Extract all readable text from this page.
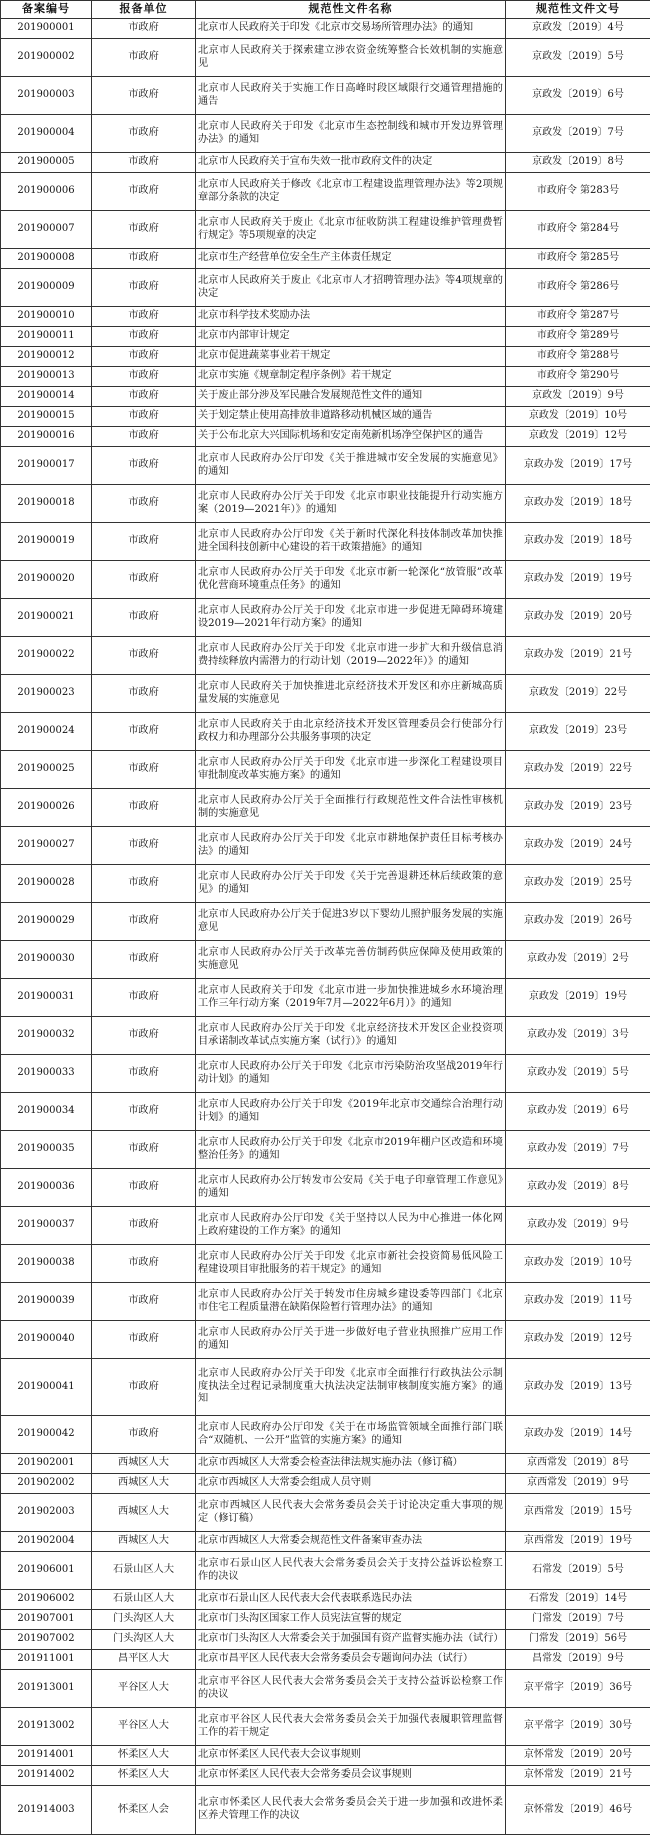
备案编号	报备单位	规范性文件名称	规范性文件文号
201900001	市政府	北京市人民政府关于印发《北京市交易场所管理办法》的通知	京政发〔2019〕4号
201900002	市政府	北京市人民政府关于探索建立涉农资金统筹整合长效机制的实施意见	京政发〔2019〕5号
201900003	市政府	北京市人民政府关于实施工作日高峰时段区域限行交通管理措施的通告	京政发〔2019〕6号
201900004	市政府	北京市人民政府关于印发《北京市生态控制线和城市开发边界管理办法》的通知	京政发〔2019〕7号
201900005	市政府	北京市人民政府关于宣布失效一批市政府文件的决定	京政发〔2019〕8号
201900006	市政府	北京市人民政府关于修改《北京市工程建设监理管理办法》等2项规章部分条款的决定	市政府令 第283号
201900007	市政府	北京市人民政府关于废止《北京市征收防洪工程建设维护管理费暂行规定》等5项规章的决定	市政府令 第284号
201900008	市政府	北京市生产经营单位安全生产主体责任规定	市政府令 第285号
201900009	市政府	北京市人民政府关于废止《北京市人才招聘管理办法》等4项规章的决定	市政府令 第286号
201900010	市政府	北京市科学技术奖励办法	市政府令 第287号
201900011	市政府	北京市内部审计规定	市政府令 第289号
201900012	市政府	北京市促进蔬菜事业若干规定	市政府令 第288号
201900013	市政府	北京市实施《规章制定程序条例》若干规定	市政府令 第290号
201900014	市政府	关于废止部分涉及军民融合发展规范性文件的通知	京政发〔2019〕9号
201900015	市政府	关于划定禁止使用高排放非道路移动机械区域的通告	京政发〔2019〕10号
201900016	市政府	关于公布北京大兴国际机场和安定南苑新机场净空保护区的通告	京政发〔2019〕12号
201900017	市政府	北京市人民政府办公厅印发《关于推进城市安全发展的实施意见》的通知	京政办发〔2019〕17号
201900018	市政府	北京市人民政府办公厅关于印发《北京市职业技能提升行动实施方案（2019—2021年）》的通知	京政办发〔2019〕18号
201900019	市政府	北京市人民政府办公厅印发《关于新时代深化科技体制改革加快推进全国科技创新中心建设的若干政策措施》的通知	京政办发〔2019〕18号
201900020	市政府	北京市人民政府办公厅关于印发《北京市新一轮深化“放管服”改革优化营商环境重点任务》的通知	京政办发〔2019〕19号
201900021	市政府	北京市人民政府办公厅关于印发《北京市进一步促进无障碍环境建设2019—2021年行动方案》的通知	京政办发〔2019〕20号
201900022	市政府	北京市人民政府办公厅关于印发《北京市进一步扩大和升级信息消费持续释放内需潜力的行动计划（2019—2022年）》的通知	京政办发〔2019〕21号
201900023	市政府	北京市人民政府关于加快推进北京经济技术开发区和亦庄新城高质量发展的实施意见	京政发〔2019〕22号
201900024	市政府	北京市人民政府关于由北京经济技术开发区管理委员会行使部分行政权力和办理部分公共服务事项的决定	京政发〔2019〕23号
201900025	市政府	北京市人民政府办公厅关于印发《北京市进一步深化工程建设项目审批制度改革实施方案》的通知	京政办发〔2019〕22号
201900026	市政府	北京市人民政府办公厅关于全面推行行政规范性文件合法性审核机制的实施意见	京政办发〔2019〕23号
201900027	市政府	北京市人民政府办公厅关于印发《北京市耕地保护责任目标考核办法》的通知	京政办发〔2019〕24号
201900028	市政府	北京市人民政府办公厅关于印发《关于完善退耕还林后续政策的意见》的通知	京政办发〔2019〕25号
201900029	市政府	北京市人民政府办公厅关于促进3岁以下婴幼儿照护服务发展的实施意见	京政办发〔2019〕26号
201900030	市政府	北京市人民政府办公厅关于改革完善仿制药供应保障及使用政策的实施意见	京政办发〔2019〕2号
201900031	市政府	北京市人民政府关于印发《北京市进一步加快推进城乡水环境治理工作三年行动方案（2019年7月—2022年6月）》的通知	京政发〔2019〕19号
201900032	市政府	北京市人民政府办公厅关于印发《北京经济技术开发区企业投资项目承诺制改革试点实施方案（试行）》的通知	京政办发〔2019〕3号
201900033	市政府	北京市人民政府办公厅关于印发《北京市污染防治攻坚战2019年行动计划》的通知	京政办发〔2019〕5号
201900034	市政府	北京市人民政府办公厅关于印发《2019年北京市交通综合治理行动计划》的通知	京政办发〔2019〕6号
201900035	市政府	北京市人民政府办公厅关于印发《北京市2019年棚户区改造和环境整治任务》的通知	京政办发〔2019〕7号
201900036	市政府	北京市人民政府办公厅转发市公安局《关于电子印章管理工作意见》的通知	京政办发〔2019〕8号
201900037	市政府	北京市人民政府办公厅印发《关于坚持以人民为中心推进一体化网上政府建设的工作方案》的通知	京政办发〔2019〕9号
201900038	市政府	北京市人民政府办公厅关于印发《北京市新社会投资简易低风险工程建设项目审批服务的若干规定》的通知	京政办发〔2019〕10号
201900039	市政府	北京市人民政府办公厅关于转发市住房城乡建设委等四部门《北京市住宅工程质量潜在缺陷保险暂行管理办法》的通知	京政办发〔2019〕11号
201900040	市政府	北京市人民政府办公厅关于进一步做好电子营业执照推广应用工作的通知	京政办发〔2019〕12号
201900041	市政府	北京市人民政府办公厅关于印发《北京市全面推行行政执法公示制度执法全过程记录制度重大执法决定法制审核制度实施方案》的通知	京政办发〔2019〕13号
201900042	市政府	北京市人民政府办公厅印发《关于在市场监管领域全面推行部门联合“双随机、一公开”监管的实施方案》的通知	京政办发〔2019〕14号
201902001	西城区人大	北京市西城区人大常委会检查法律法规实施办法（修订稿）	京西常发〔2019〕8号
201902002	西城区人大	北京市西城区人大常委会组成人员守则	京西常发〔2019〕9号
201902003	西城区人大	北京市西城区人民代表大会常务委员会关于讨论决定重大事项的规定（修订稿）	京西常发〔2019〕15号
201902004	西城区人大	北京市西城区人大常委会规范性文件备案审查办法	京西常发〔2019〕19号
201906001	石景山区人大	北京市石景山区人民代表大会常务委员会关于支持公益诉讼检察工作的决议	石常发〔2019〕5号
201906002	石景山区人大	北京市石景山区人民代表大会代表联系选民办法	石常发〔2019〕14号
201907001	门头沟区人大	北京市门头沟区国家工作人员宪法宣誓的规定	门常发〔2019〕7号
201907002	门头沟区人大	北京市门头沟区人大常委会关于加强国有资产监督实施办法（试行）	门常发〔2019〕56号
201911001	昌平区人大	北京市昌平区人民代表大会常务委员会专题询问办法（试行）	昌常发〔2019〕9号
201913001	平谷区人大	北京市平谷区人民代表大会常务委员会关于支持公益诉讼检察工作的决议	京平常字〔2019〕36号
201913002	平谷区人大	北京市平谷区人民代表大会常务委员会关于加强代表履职管理监督工作的若干规定	京平常字〔2019〕30号
201914001	怀柔区人大	北京市怀柔区人民代表大会议事规则	京怀常发〔2019〕20号
201914002	怀柔区人大	北京市怀柔区人民代表大会常务委员会议事规则	京怀常发〔2019〕21号
201914003	怀柔区人会	北京市怀柔区人民代表大会常务委员会关于进一步加强和改进怀柔区养犬管理工作的决议	京怀常发〔2019〕46号
